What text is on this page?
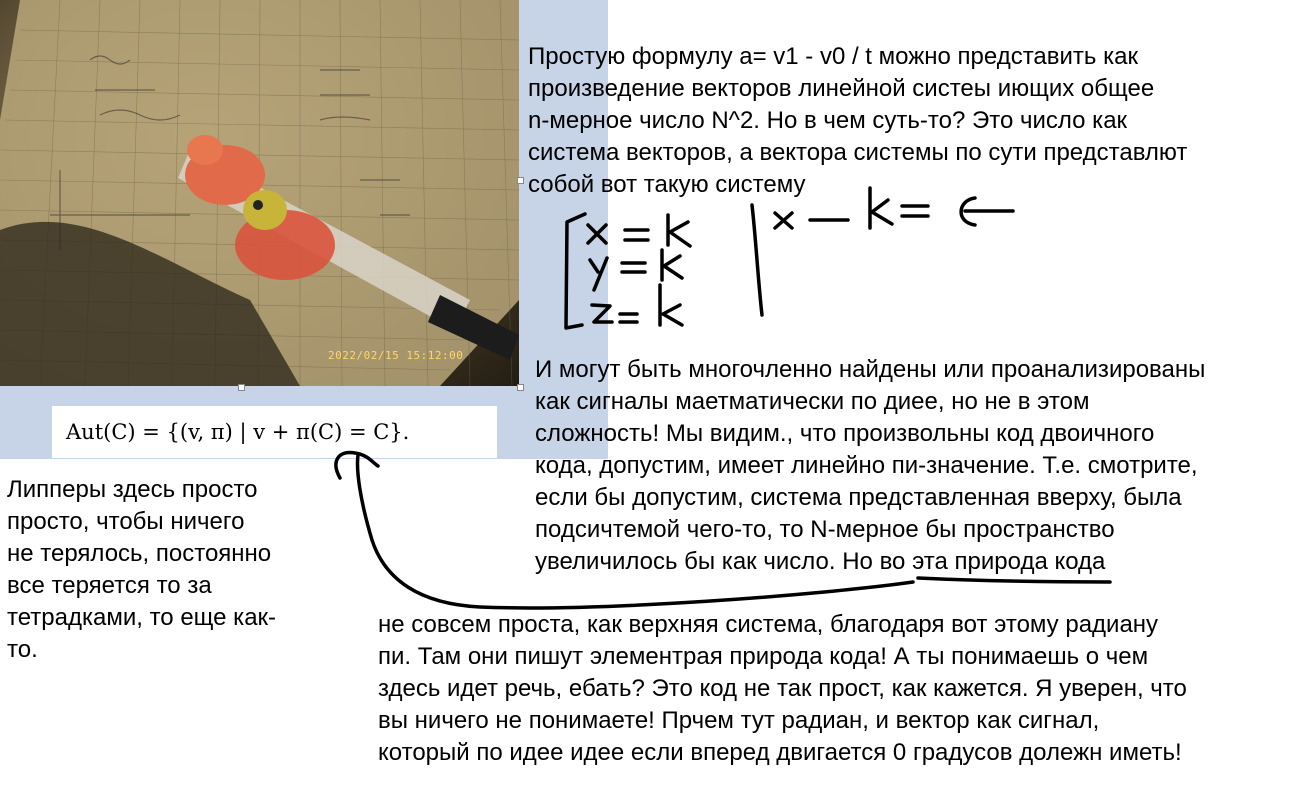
2022/02/15 15:12:00
Aut(C) = {(v, π) | v + π(C) = C}.
Простую формулу а= v1 - v0 / t можно представить как
произведение векторов линейной систеы иющих общее
n-мерное число N^2. Но в чем суть-то? Это число как
система векторов, а вектора системы по сути представлют
собой вот такую систему
И могут быть многочленно найдены или проанализированы
как сигналы маетматически по диее, но не в этом
сложность! Мы видим., что произвольны код двоичного
кода, допустим, имеет линейно пи-значение. Т.е. смотрите,
если бы допустим, система представленная вверху, была
подсичтемой чего-то, то N-мерное бы пространство
увеличилось бы как число. Но во эта природа кода
Липперы здесь просто
просто, чтобы ничего
не терялось, постоянно
все теряется то за
тетрадками, то еще как-
то.
не совсем проста, как верхняя система, благодаря вот этому радиану
пи. Там они пишут элементрая природа кода! А ты понимаешь о чем
здесь идет речь, ебать? Это код не так прост, как кажется. Я уверен, что
вы ничего не понимаете! Прчем тут радиан, и вектор как сигнал,
который по идее идее если вперед двигается 0 градусов долежн иметь!
